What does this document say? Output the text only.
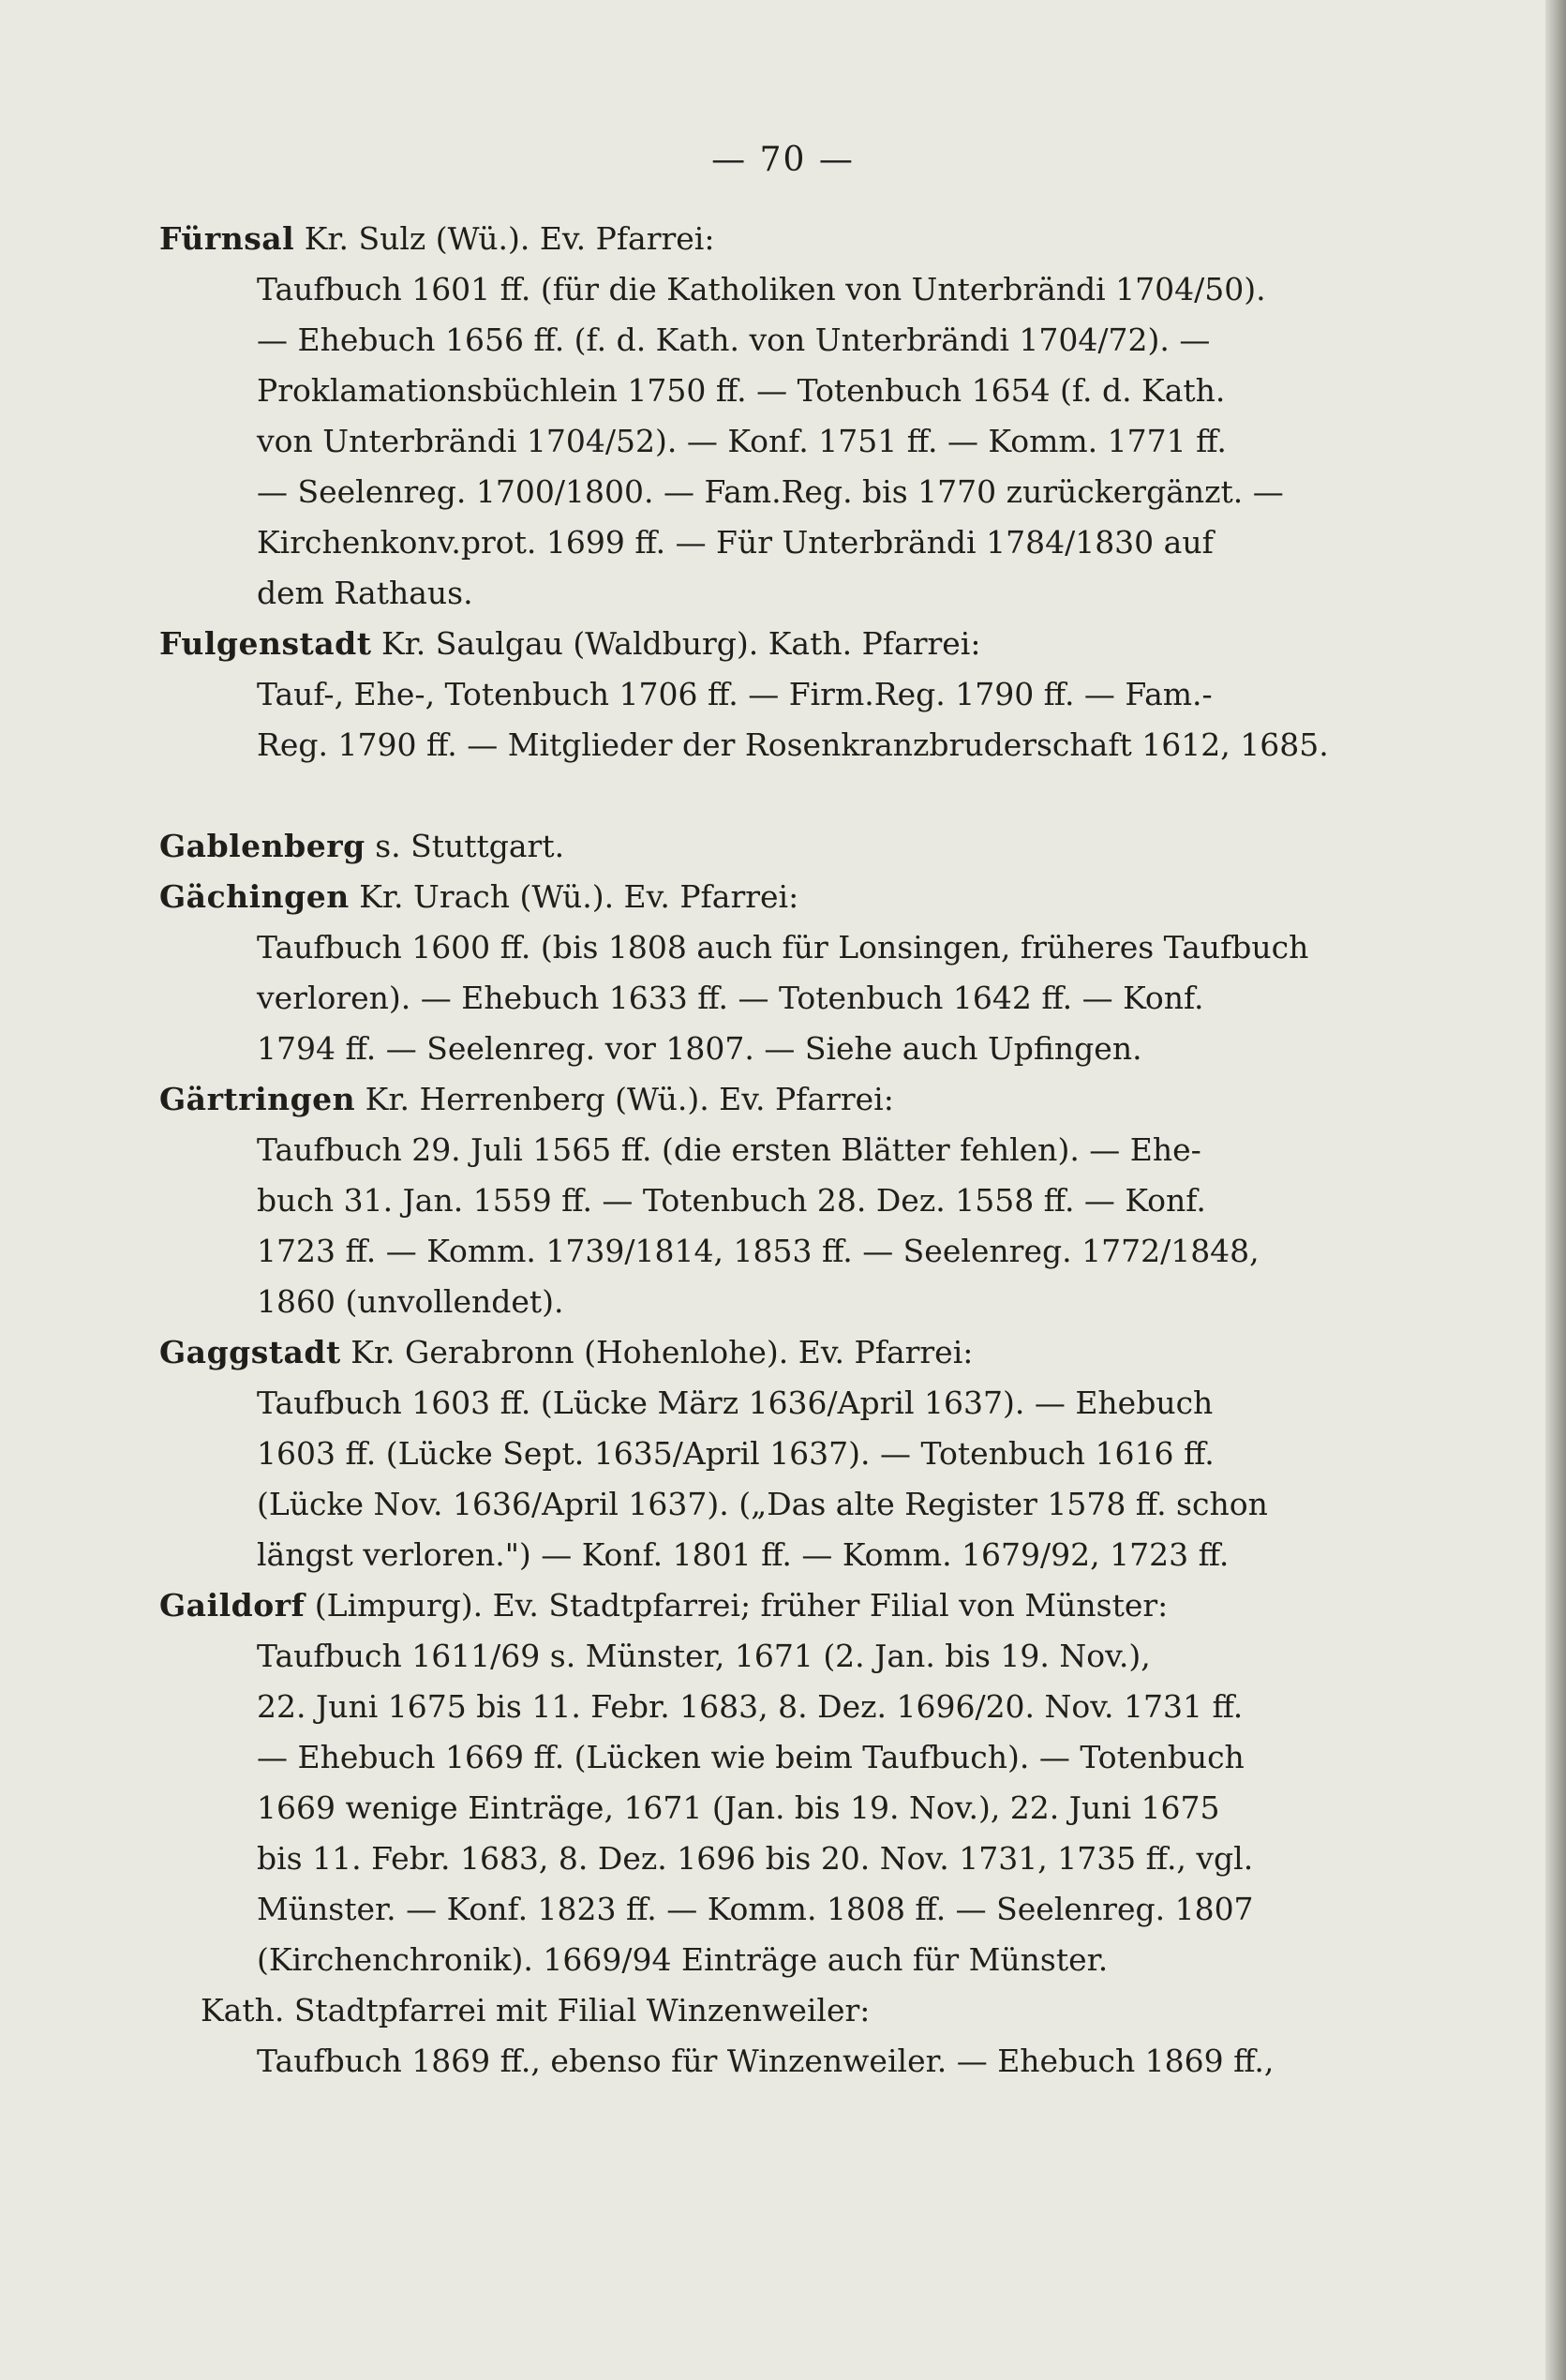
— 70 —

Fürnsal Kr. Sulz (Wü.). Ev. Pfarrei:

Taufbuch 1601 ff. (für die Katholiken von Unterbrändi 1704/50).

— Ehebuch 1656 ff. (f. d. Kath. von Unterbrändi 1704/72). —

Proklamationsbüchlein 1750 ff. — Totenbuch 1654 (f. d. Kath.

von Unterbrändi 1704/52). — Konf. 1751 ff. — Komm. 1771 ff.

— Seelenreg. 1700/1800. — Fam.Reg. bis 1770 zurückergänzt. —

Kirchenkonv.prot. 1699 ff. — Für Unterbrändi 1784/1830 auf

dem Rathaus.

Fulgenstadt Kr. Saulgau (Waldburg). Kath. Pfarrei:

Tauf-, Ehe-, Totenbuch 1706 ff. — Firm.Reg. 1790 ff. — Fam.-

Reg. 1790 ff. — Mitglieder der Rosenkranzbruderschaft 1612, 1685.

Gablenberg s. Stuttgart.

Gächingen Kr. Urach (Wü.). Ev. Pfarrei:

Taufbuch 1600 ff. (bis 1808 auch für Lonsingen, früheres Taufbuch

verloren). — Ehebuch 1633 ff. — Totenbuch 1642 ff. — Konf.

1794 ff. — Seelenreg. vor 1807. — Siehe auch Upfingen.

Gärtringen Kr. Herrenberg (Wü.). Ev. Pfarrei:

Taufbuch 29. Juli 1565 ff. (die ersten Blätter fehlen). — Ehe-

buch 31. Jan. 1559 ff. — Totenbuch 28. Dez. 1558 ff. — Konf.

1723 ff. — Komm. 1739/1814, 1853 ff. — Seelenreg. 1772/1848,

1860 (unvollendet).

Gaggstadt Kr. Gerabronn (Hohenlohe). Ev. Pfarrei:

Taufbuch 1603 ff. (Lücke März 1636/April 1637). — Ehebuch

1603 ff. (Lücke Sept. 1635/April 1637). — Totenbuch 1616 ff.

(Lücke Nov. 1636/April 1637). („Das alte Register 1578 ff. schon

längst verloren.") — Konf. 1801 ff. — Komm. 1679/92, 1723 ff.

Gaildorf (Limpurg). Ev. Stadtpfarrei; früher Filial von Münster:

Taufbuch 1611/69 s. Münster, 1671 (2. Jan. bis 19. Nov.),

22. Juni 1675 bis 11. Febr. 1683, 8. Dez. 1696/20. Nov. 1731 ff.

— Ehebuch 1669 ff. (Lücken wie beim Taufbuch). — Totenbuch

1669 wenige Einträge, 1671 (Jan. bis 19. Nov.), 22. Juni 1675

bis 11. Febr. 1683, 8. Dez. 1696 bis 20. Nov. 1731, 1735 ff., vgl.

Münster. — Konf. 1823 ff. — Komm. 1808 ff. — Seelenreg. 1807

(Kirchenchronik). 1669/94 Einträge auch für Münster.

Kath. Stadtpfarrei mit Filial Winzenweiler:

Taufbuch 1869 ff., ebenso für Winzenweiler. — Ehebuch 1869 ff.,
